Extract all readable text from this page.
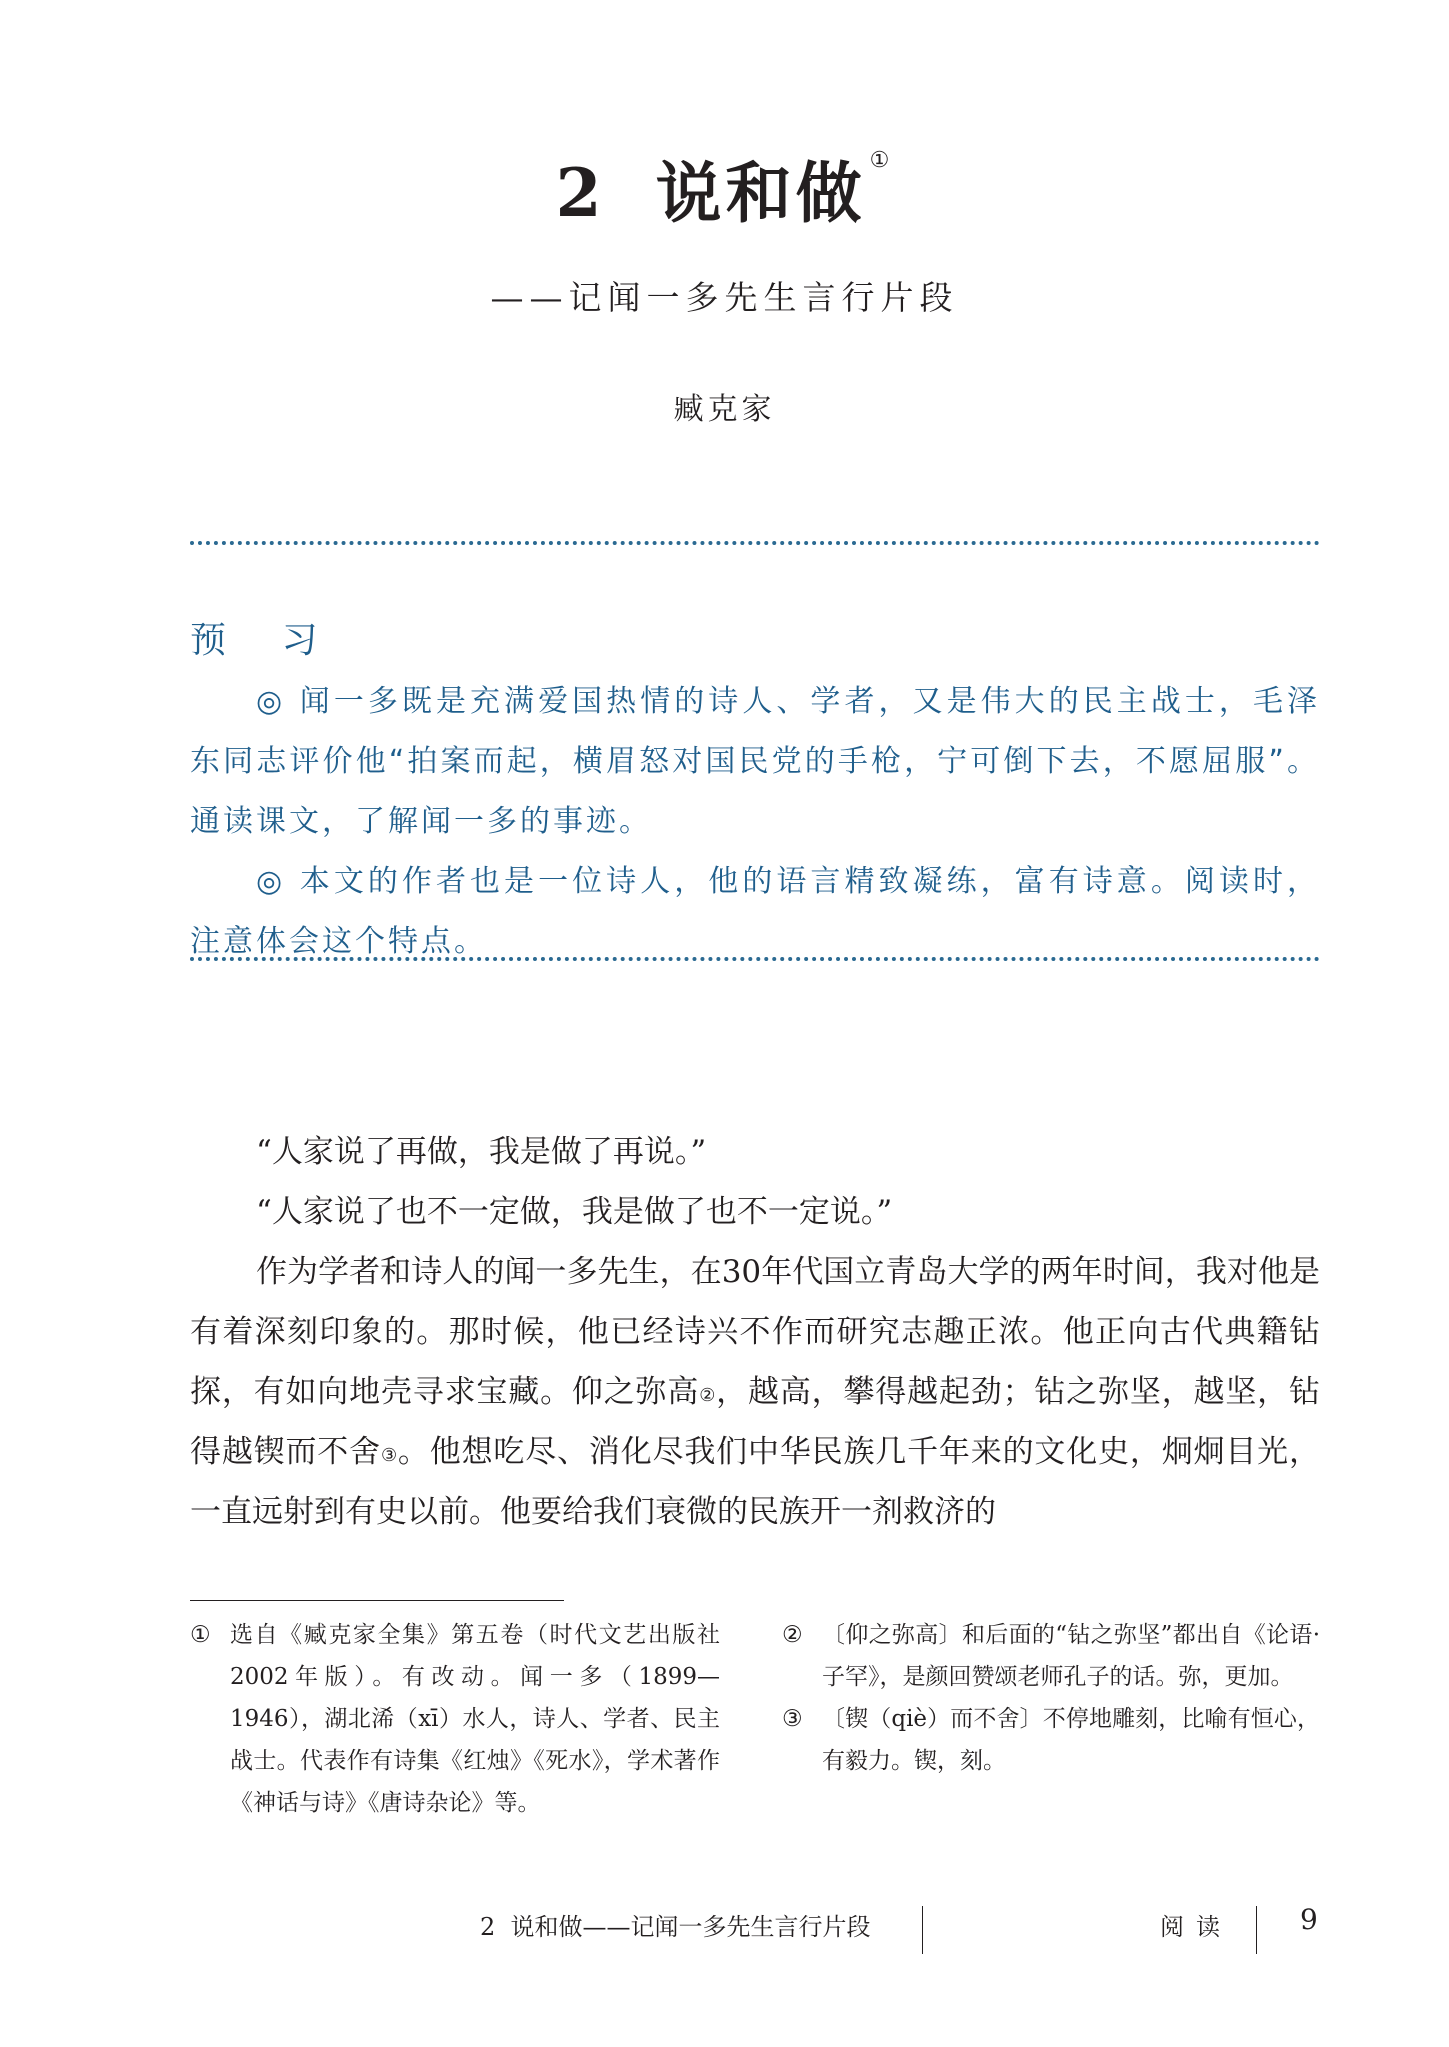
2 说和做 ①
——记闻一多先生言行片段
臧克家
预 习

◎ 闻一多既是充满爱国热情的诗人、学者，又是伟大的民主战士，毛泽东同志评价他“拍案而起，横眉怒对国民党的手枪，宁可倒下去，不愿屈服”。通读课文，了解闻一多的事迹。

◎ 本文的作者也是一位诗人，他的语言精致凝练，富有诗意。阅读时，注意体会这个特点。

“人家说了再做，我是做了再说。”

“人家说了也不一定做，我是做了也不一定说。”

作为学者和诗人的闻一多先生，在30年代国立青岛大学的两年时间，我对他是有着深刻印象的。那时候，他已经诗兴不作而研究志趣正浓。他正向古代典籍钻探，有如向地壳寻求宝藏。仰之弥高②，越高，攀得越起劲；钻之弥坚，越坚，钻得越锲而不舍③。他想吃尽、消化尽我们中华民族几千年来的文化史，炯炯目光，一直远射到有史以前。他要给我们衰微的民族开一剂救济的

① 选自《臧克家全集》第五卷（时代文艺出版社2002年版）。有改动。闻一多（1899—1946），湖北浠（xī）水人，诗人、学者、民主战士。代表作有诗集《红烛》《死水》，学术著作《神话与诗》《唐诗杂论》等。
② 〔仰之弥高〕和后面的“钻之弥坚”都出自《论语·子罕》，是颜回赞颂老师孔子的话。弥，更加。
③ 〔锲（qiè）而不舍〕不停地雕刻，比喻有恒心，有毅力。锲，刻。
2  说和做——记闻一多先生言行片段	阅读 9
